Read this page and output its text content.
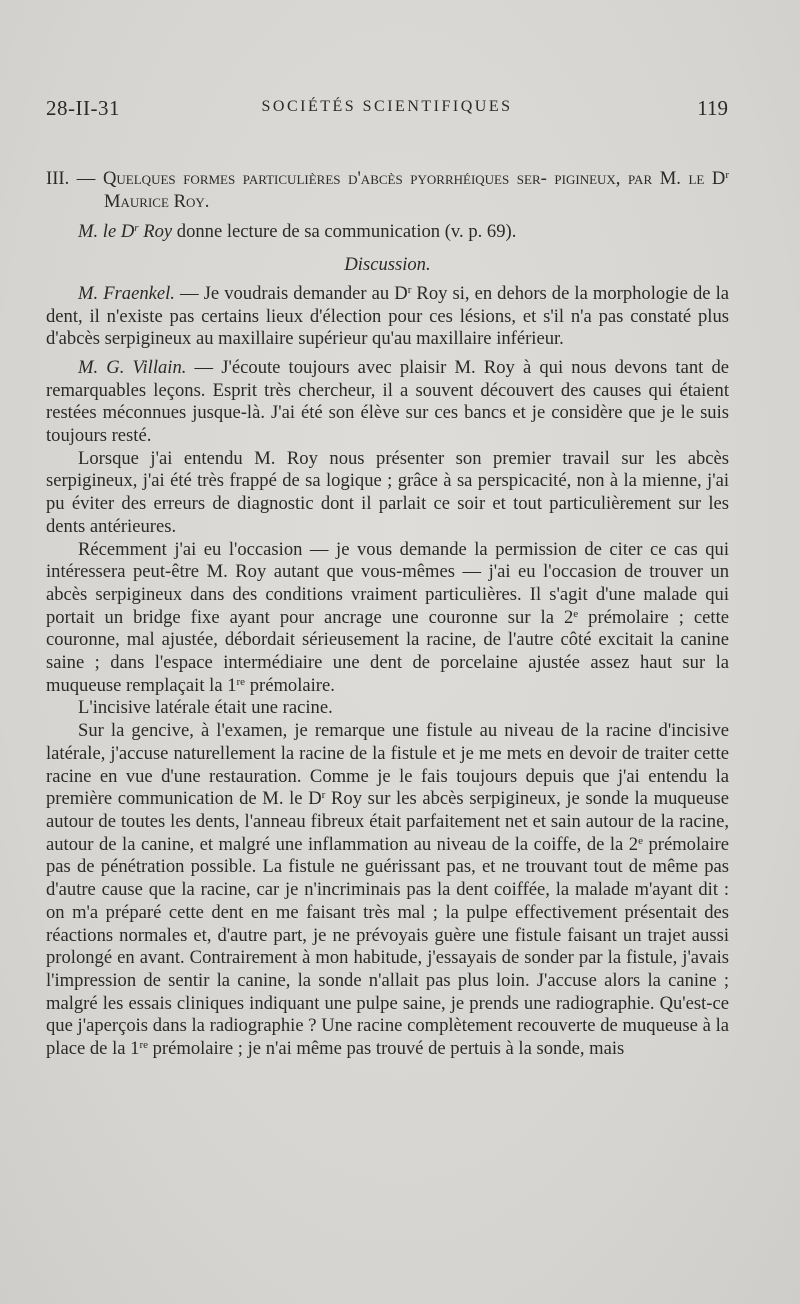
28-II-31	SOCIÉTÉS SCIENTIFIQUES	119

III. — Quelques formes particulières d'abcès pyorrhéiques ser- pigineux, par M. le $D^r$ Maurice Roy.

M. le $D^r$ Roy donne lecture de sa communication (v. p. 69).

Discussion.

M. Fraenkel. — Je voudrais demander au $D^r$ Roy si, en dehors de la morphologie de la dent, il n'existe pas certains lieux d'élection pour ces lésions, et s'il n'a pas constaté plus d'abcès serpigineux au maxillaire supérieur qu'au maxillaire inférieur.

M. G. Villain. — J'écoute toujours avec plaisir M. Roy à qui nous devons tant de remarquables leçons. Esprit très chercheur, il a souvent découvert des causes qui étaient restées méconnues jusque-là. J'ai été son élève sur ces bancs et je considère que je le suis toujours resté.

Lorsque j'ai entendu M. Roy nous présenter son premier travail sur les abcès serpigineux, j'ai été très frappé de sa logique ; grâce à sa perspicacité, non à la mienne, j'ai pu éviter des erreurs de diagnostic dont il parlait ce soir et tout particulièrement sur les dents antérieures.

Récemment j'ai eu l'occasion — je vous demande la permission de citer ce cas qui intéressera peut-être M. Roy autant que vous-mêmes — j'ai eu l'occasion de trouver un abcès serpigineux dans des conditions vraiment particulières. Il s'agit d'une malade qui portait un bridge fixe ayant pour ancrage une couronne sur la 2e prémolaire ; cette couronne, mal ajustée, débordait sérieusement la racine, de l'autre côté excitait la canine saine ; dans l'espace intermédiaire une dent de porcelaine ajustée assez haut sur la muqueuse remplaçait la 1re prémolaire.

L'incisive latérale était une racine.

Sur la gencive, à l'examen, je remarque une fistule au niveau de la racine d'incisive latérale, j'accuse naturellement la racine de la fistule et je me mets en devoir de traiter cette racine en vue d'une restauration. Comme je le fais toujours depuis que j'ai entendu la première communication de M. le $D^r$ Roy sur les abcès serpigineux, je sonde la muqueuse autour de toutes les dents, l'anneau fibreux était parfaitement net et sain autour de la racine, autour de la canine, et malgré une inflammation au niveau de la coiffe, de la 2e prémolaire pas de pénétration possible. La fistule ne guérissant pas, et ne trouvant tout de même pas d'autre cause que la racine, car je n'incriminais pas la dent coiffée, la malade m'ayant dit : on m'a préparé cette dent en me faisant très mal ; la pulpe effectivement présentait des réactions normales et, d'autre part, je ne prévoyais guère une fistule faisant un trajet aussi prolongé en avant. Contrairement à mon habitude, j'essayais de sonder par la fistule, j'avais l'impression de sentir la canine, la sonde n'allait pas plus loin. J'accuse alors la canine ; malgré les essais cliniques indiquant une pulpe saine, je prends une radiographie. Qu'est-ce que j'aperçois dans la radiographie ? Une racine complètement recouverte de muqueuse à la place de la 1re prémolaire ; je n'ai même pas trouvé de pertuis à la sonde, mais
